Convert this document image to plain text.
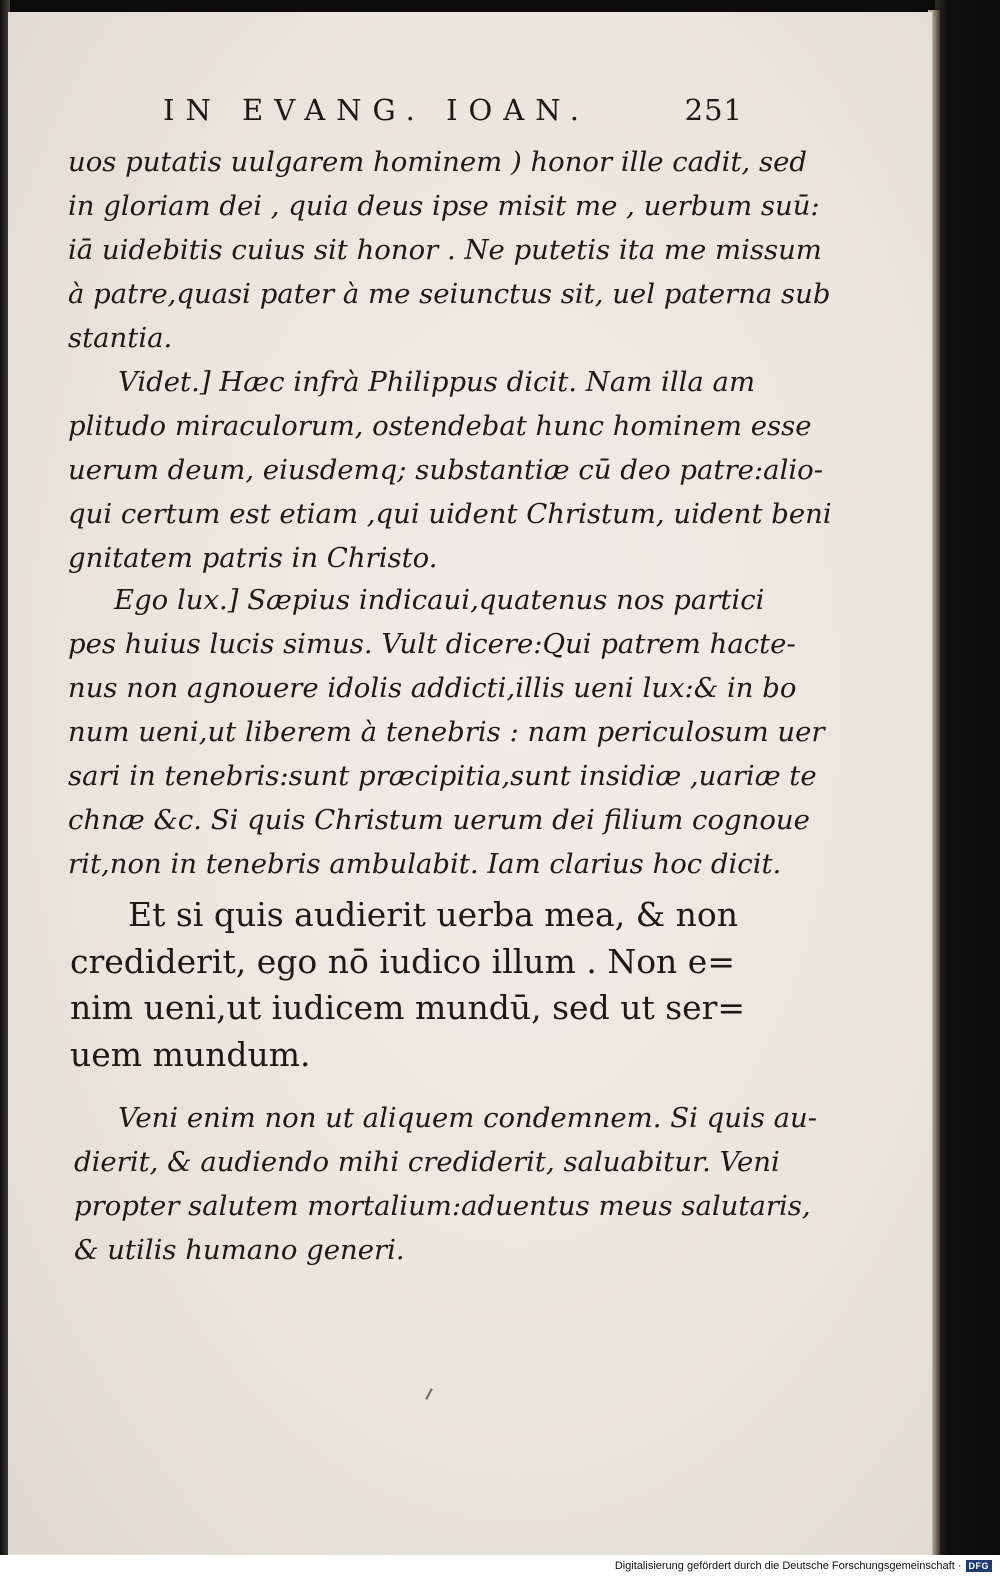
IN EVANG. IOAN.	251
uos putatis uulgarem hominem ) honor ille cadit, sed
in gloriam dei , quia deus ipse misit me , uerbum suū:
iā uidebitis cuius sit honor . Ne putetis ita me missum
à patre,quasi pater à me seiunctus sit, uel paterna sub
stantia.
Videt.] Hæc infrà Philippus dicit. Nam illa am
plitudo miraculorum, ostendebat hunc hominem esse
uerum deum, eiusdemq; substantiæ cū deo patre:alio-
qui certum est etiam ,qui uident Christum, uident beni
gnitatem patris in Christo.
Ego lux.] Sæpius indicaui,quatenus nos partici
pes huius lucis simus. Vult dicere:Qui patrem hacte-
nus non agnouere idolis addicti,illis ueni lux:& in bo
num ueni,ut liberem à tenebris : nam periculosum uer
sari in tenebris:sunt præcipitia,sunt insidiæ ,uariæ te
chnæ &c. Si quis Christum uerum dei filium cognoue
rit,non in tenebris ambulabit. Iam clarius hoc dicit.
Et si quis audierit uerba mea, & non
crediderit, ego nō iudico illum . Non e=
nim ueni,ut iudicem mundū, sed ut ser=
uem mundum.
Veni enim non ut aliquem condemnem. Si quis au-
dierit, & audiendo mihi crediderit, saluabitur. Veni
propter salutem mortalium:aduentus meus salutaris,
& utilis humano generi.
Digitalisierung gefördert durch die Deutsche Forschungsgemeinschaft · DFG
